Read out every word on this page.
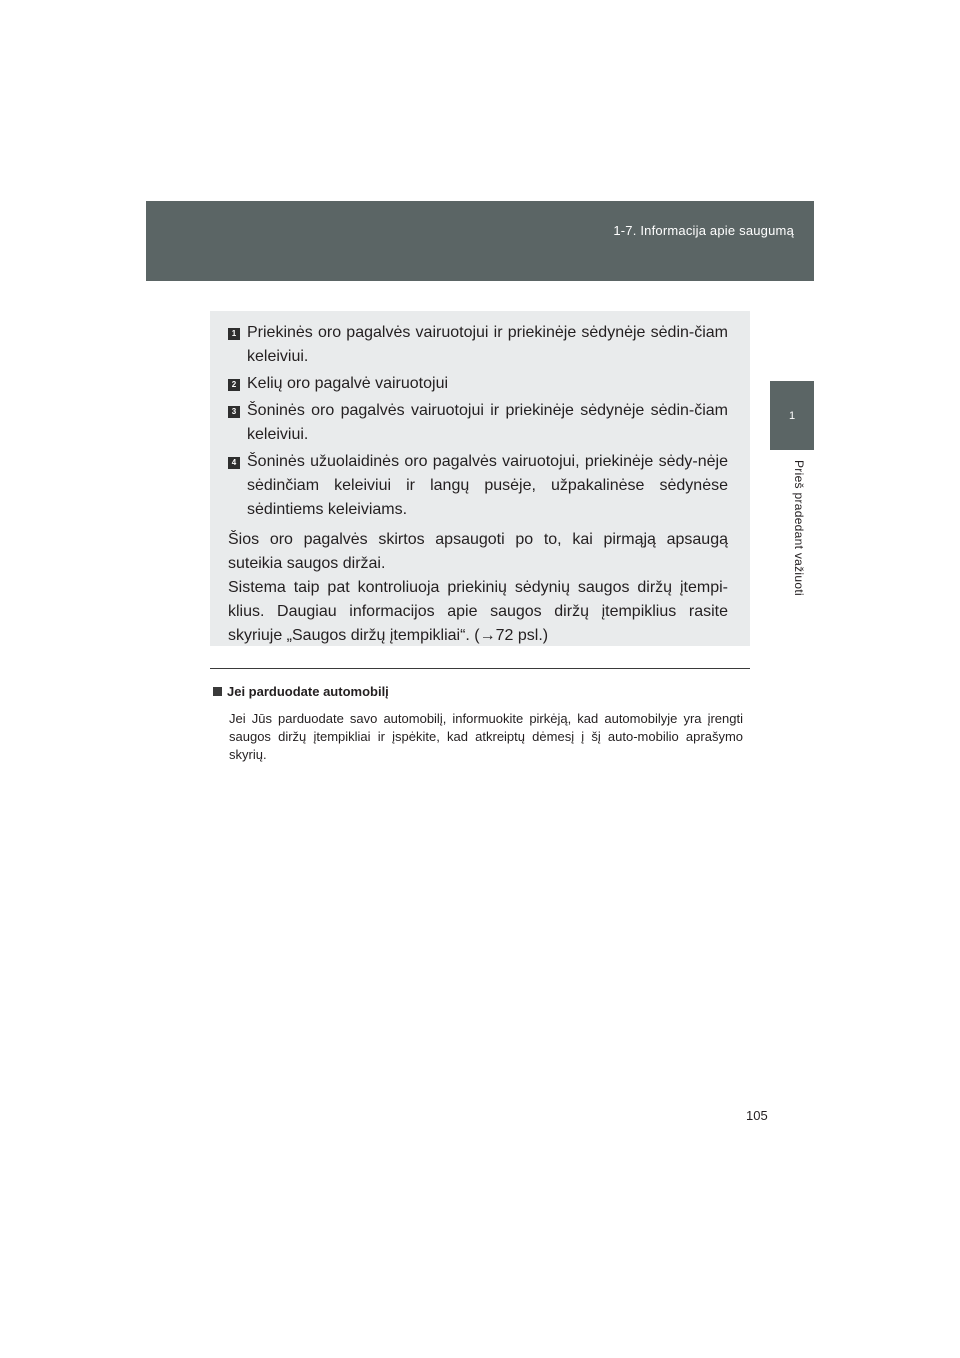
1-7. Informacija apie saugumą
1
Prieš pradedant važiuoti
1 Priekinės oro pagalvės vairuotojui ir priekinėje sėdynėje sėdin-čiam keleiviui.
2 Kelių oro pagalvė vairuotojui
3 Šoninės oro pagalvės vairuotojui ir priekinėje sėdynėje sėdin-čiam keleiviui.
4 Šoninės užuolaidinės oro pagalvės vairuotojui, priekinėje sėdy-nėje sėdinčiam keleiviui ir langų pusėje, užpakalinėse sėdynėse sėdintiems keleiviams.

Šios oro pagalvės skirtos apsaugoti po to, kai pirmąją apsaugą suteikia saugos diržai.

Sistema taip pat kontroliuoja priekinių sėdynių saugos diržų įtempi-klius. Daugiau informacijos apie saugos diržų įtempiklius rasite skyriuje „Saugos diržų įtempikliai“. (→72 psl.)

Jei parduodate automobilį
Jei Jūs parduodate savo automobilį, informuokite pirkėją, kad automobilyje yra įrengti saugos diržų įtempikliai ir įspėkite, kad atkreiptų dėmesį į šį auto-mobilio aprašymo skyrių.
105
